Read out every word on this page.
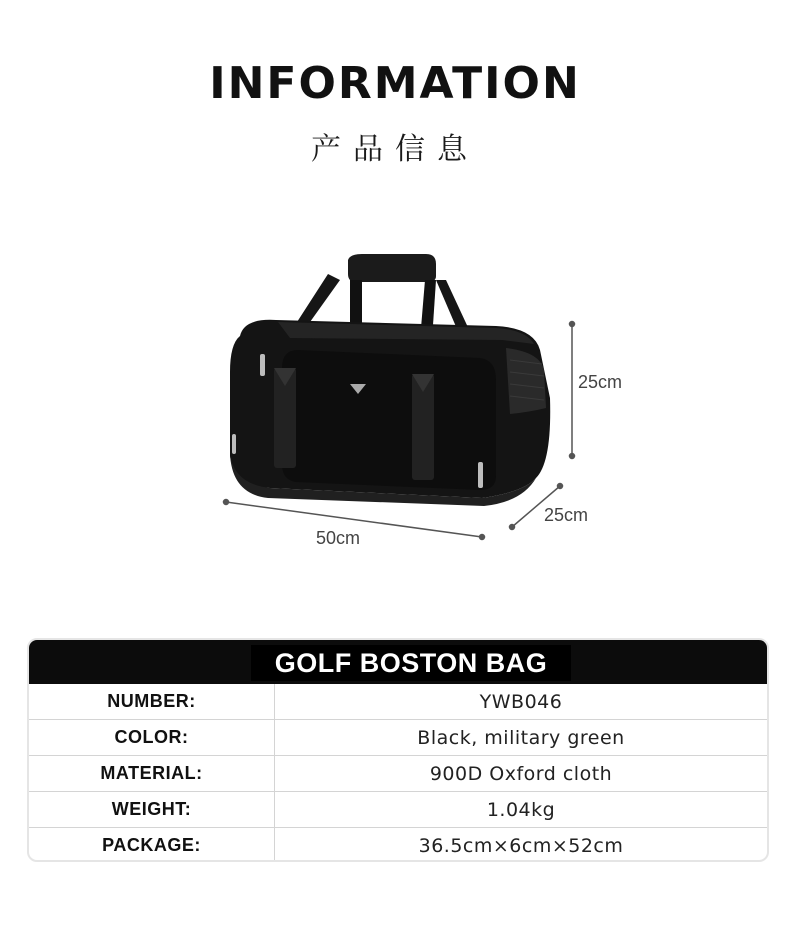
INFORMATION
产品信息
25cm
25cm
50cm
GOLF BOSTON BAG
NUMBER:	YWB046
COLOR:	Black, military green
MATERIAL:	900D Oxford cloth
WEIGHT:	1.04kg
PACKAGE:	36.5cm×6cm×52cm
